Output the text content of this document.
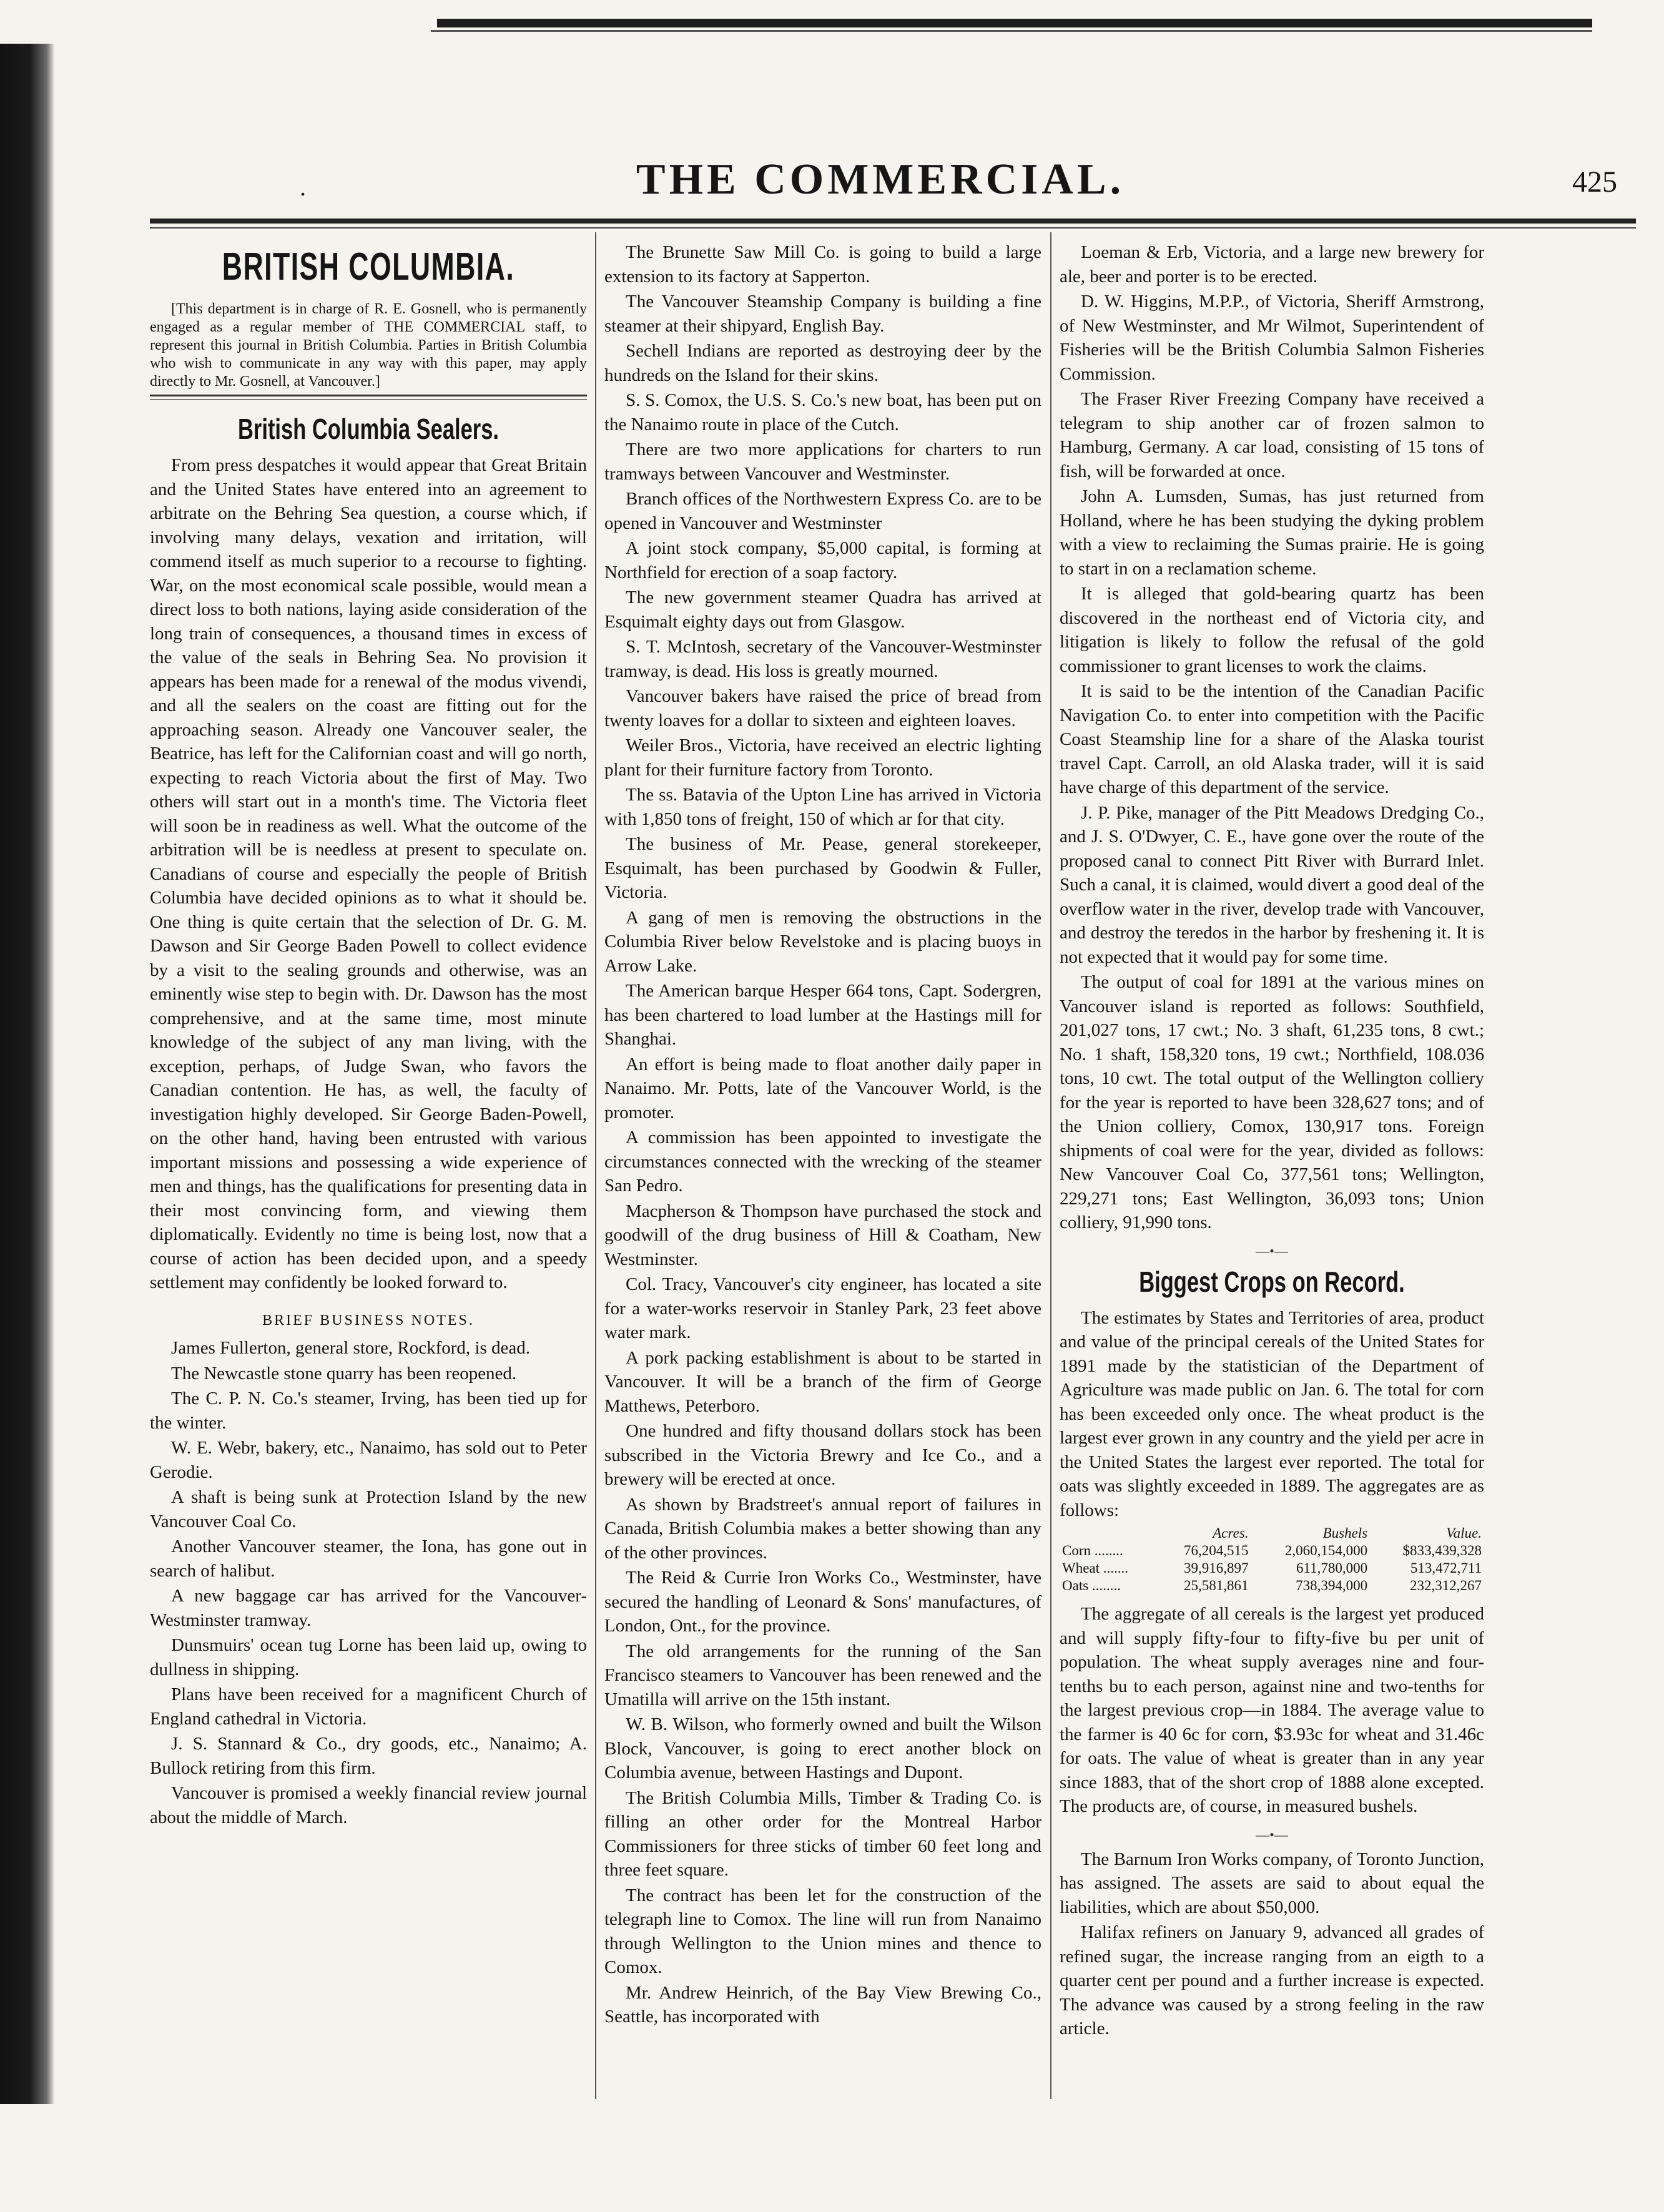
.	THE COMMERCIAL.	425
BRITISH COLUMBIA.

[This department is in charge of R. E. Gosnell, who is permanently engaged as a regular member of THE COMMERCIAL staff, to represent this journal in British Columbia. Parties in British Columbia who wish to communicate in any way with this paper, may apply directly to Mr. Gosnell, at Vancouver.]

British Columbia Sealers.

From press despatches it would appear that Great Britain and the United States have entered into an agreement to arbitrate on the Behring Sea question, a course which, if involving many delays, vexation and irritation, will commend itself as much superior to a recourse to fighting. War, on the most economical scale possible, would mean a direct loss to both nations, laying aside consideration of the long train of consequences, a thousand times in excess of the value of the seals in Behring Sea. No provision it appears has been made for a renewal of the modus vivendi, and all the sealers on the coast are fitting out for the approaching season. Already one Vancouver sealer, the Beatrice, has left for the Californian coast and will go north, expecting to reach Victoria about the first of May. Two others will start out in a month's time. The Victoria fleet will soon be in readiness as well. What the outcome of the arbitration will be is needless at present to speculate on. Canadians of course and especially the people of British Columbia have decided opinions as to what it should be. One thing is quite certain that the selection of Dr. G. M. Dawson and Sir George Baden Powell to collect evidence by a visit to the sealing grounds and otherwise, was an eminently wise step to begin with. Dr. Dawson has the most comprehensive, and at the same time, most minute knowledge of the subject of any man living, with the exception, perhaps, of Judge Swan, who favors the Canadian contention. He has, as well, the faculty of investigation highly developed. Sir George Baden-Powell, on the other hand, having been entrusted with various important missions and possessing a wide experience of men and things, has the qualifications for presenting data in their most convincing form, and viewing them diplomatically. Evidently no time is being lost, now that a course of action has been decided upon, and a speedy settlement may confidently be looked forward to.

BRIEF BUSINESS NOTES.

James Fullerton, general store, Rockford, is dead.

The Newcastle stone quarry has been reopened.

The C. P. N. Co.'s steamer, Irving, has been tied up for the winter.

W. E. Webr, bakery, etc., Nanaimo, has sold out to Peter Gerodie.

A shaft is being sunk at Protection Island by the new Vancouver Coal Co.

Another Vancouver steamer, the Iona, has gone out in search of halibut.

A new baggage car has arrived for the Vancouver-Westminster tramway.

Dunsmuirs' ocean tug Lorne has been laid up, owing to dullness in shipping.

Plans have been received for a magnificent Church of England cathedral in Victoria.

J. S. Stannard & Co., dry goods, etc., Nanaimo; A. Bullock retiring from this firm.

Vancouver is promised a weekly financial review journal about the middle of March.

The Brunette Saw Mill Co. is going to build a large extension to its factory at Sapperton.

The Vancouver Steamship Company is building a fine steamer at their shipyard, English Bay.

Sechell Indians are reported as destroying deer by the hundreds on the Island for their skins.

S. S. Comox, the U.S. S. Co.'s new boat, has been put on the Nanaimo route in place of the Cutch.

There are two more applications for charters to run tramways between Vancouver and Westminster.

Branch offices of the Northwestern Express Co. are to be opened in Vancouver and Westminster

A joint stock company, $5,000 capital, is forming at Northfield for erection of a soap factory.

The new government steamer Quadra has arrived at Esquimalt eighty days out from Glasgow.

S. T. McIntosh, secretary of the Vancouver-Westminster tramway, is dead. His loss is greatly mourned.

Vancouver bakers have raised the price of bread from twenty loaves for a dollar to sixteen and eighteen loaves.

Weiler Bros., Victoria, have received an electric lighting plant for their furniture factory from Toronto.

The ss. Batavia of the Upton Line has arrived in Victoria with 1,850 tons of freight, 150 of which ar for that city.

The business of Mr. Pease, general storekeeper, Esquimalt, has been purchased by Goodwin & Fuller, Victoria.

A gang of men is removing the obstructions in the Columbia River below Revelstoke and is placing buoys in Arrow Lake.

The American barque Hesper 664 tons, Capt. Sodergren, has been chartered to load lumber at the Hastings mill for Shanghai.

An effort is being made to float another daily paper in Nanaimo. Mr. Potts, late of the Vancouver World, is the promoter.

A commission has been appointed to investigate the circumstances connected with the wrecking of the steamer San Pedro.

Macpherson & Thompson have purchased the stock and goodwill of the drug business of Hill & Coatham, New Westminster.

Col. Tracy, Vancouver's city engineer, has located a site for a water-works reservoir in Stanley Park, 23 feet above water mark.

A pork packing establishment is about to be started in Vancouver. It will be a branch of the firm of George Matthews, Peterboro.

One hundred and fifty thousand dollars stock has been subscribed in the Victoria Brewry and Ice Co., and a brewery will be erected at once.

As shown by Bradstreet's annual report of failures in Canada, British Columbia makes a better showing than any of the other provinces.

The Reid & Currie Iron Works Co., Westminster, have secured the handling of Leonard & Sons' manufactures, of London, Ont., for the province.

The old arrangements for the running of the San Francisco steamers to Vancouver has been renewed and the Umatilla will arrive on the 15th instant.

W. B. Wilson, who formerly owned and built the Wilson Block, Vancouver, is going to erect another block on Columbia avenue, between Hastings and Dupont.

The British Columbia Mills, Timber & Trading Co. is filling an other order for the Montreal Harbor Commissioners for three sticks of timber 60 feet long and three feet square.

The contract has been let for the construction of the telegraph line to Comox. The line will run from Nanaimo through Wellington to the Union mines and thence to Comox.

Mr. Andrew Heinrich, of the Bay View Brewing Co., Seattle, has incorporated with

Loeman & Erb, Victoria, and a large new brewery for ale, beer and porter is to be erected.

D. W. Higgins, M.P.P., of Victoria, Sheriff Armstrong, of New Westminster, and Mr Wilmot, Superintendent of Fisheries will be the British Columbia Salmon Fisheries Commission.

The Fraser River Freezing Company have received a telegram to ship another car of frozen salmon to Hamburg, Germany. A car load, consisting of 15 tons of fish, will be forwarded at once.

John A. Lumsden, Sumas, has just returned from Holland, where he has been studying the dyking problem with a view to reclaiming the Sumas prairie. He is going to start in on a reclamation scheme.

It is alleged that gold-bearing quartz has been discovered in the northeast end of Victoria city, and litigation is likely to follow the refusal of the gold commissioner to grant licenses to work the claims.

It is said to be the intention of the Canadian Pacific Navigation Co. to enter into competition with the Pacific Coast Steamship line for a share of the Alaska tourist travel Capt. Carroll, an old Alaska trader, will it is said have charge of this department of the service.

J. P. Pike, manager of the Pitt Meadows Dredging Co., and J. S. O'Dwyer, C. E., have gone over the route of the proposed canal to connect Pitt River with Burrard Inlet. Such a canal, it is claimed, would divert a good deal of the overflow water in the river, develop trade with Vancouver, and destroy the teredos in the harbor by freshening it. It is not expected that it would pay for some time.

The output of coal for 1891 at the various mines on Vancouver island is reported as follows: Southfield, 201,027 tons, 17 cwt.; No. 3 shaft, 61,235 tons, 8 cwt.; No. 1 shaft, 158,320 tons, 19 cwt.; Northfield, 108.036 tons, 10 cwt. The total output of the Wellington colliery for the year is reported to have been 328,627 tons; and of the Union colliery, Comox, 130,917 tons. Foreign shipments of coal were for the year, divided as follows: New Vancouver Coal Co, 377,561 tons; Wellington, 229,271 tons; East Wellington, 36,093 tons; Union colliery, 91,990 tons.

—•—
Biggest Crops on Record.

The estimates by States and Territories of area, product and value of the principal cereals of the United States for 1891 made by the statistician of the Department of Agriculture was made public on Jan. 6. The total for corn has been exceeded only once. The wheat product is the largest ever grown in any country and the yield per acre in the United States the largest ever reported. The total for oats was slightly exceeded in 1889. The aggregates are as follows:

	Acres.	Bushels	Value.
Corn ........	76,204,515	2,060,154,000	$833,439,328
Wheat .......	39,916,897	611,780,000	513,472,711
Oats ........	25,581,861	738,394,000	232,312,267

The aggregate of all cereals is the largest yet produced and will supply fifty-four to fifty-five bu per unit of population. The wheat supply averages nine and four-tenths bu to each person, against nine and two-tenths for the largest previous crop—in 1884. The average value to the farmer is 40 6c for corn, $3.93c for wheat and 31.46c for oats. The value of wheat is greater than in any year since 1883, that of the short crop of 1888 alone excepted. The products are, of course, in measured bushels.

—•—

The Barnum Iron Works company, of Toronto Junction, has assigned. The assets are said to about equal the liabilities, which are about $50,000.

Halifax refiners on January 9, advanced all grades of refined sugar, the increase ranging from an eigth to a quarter cent per pound and a further increase is expected. The advance was caused by a strong feeling in the raw article.
